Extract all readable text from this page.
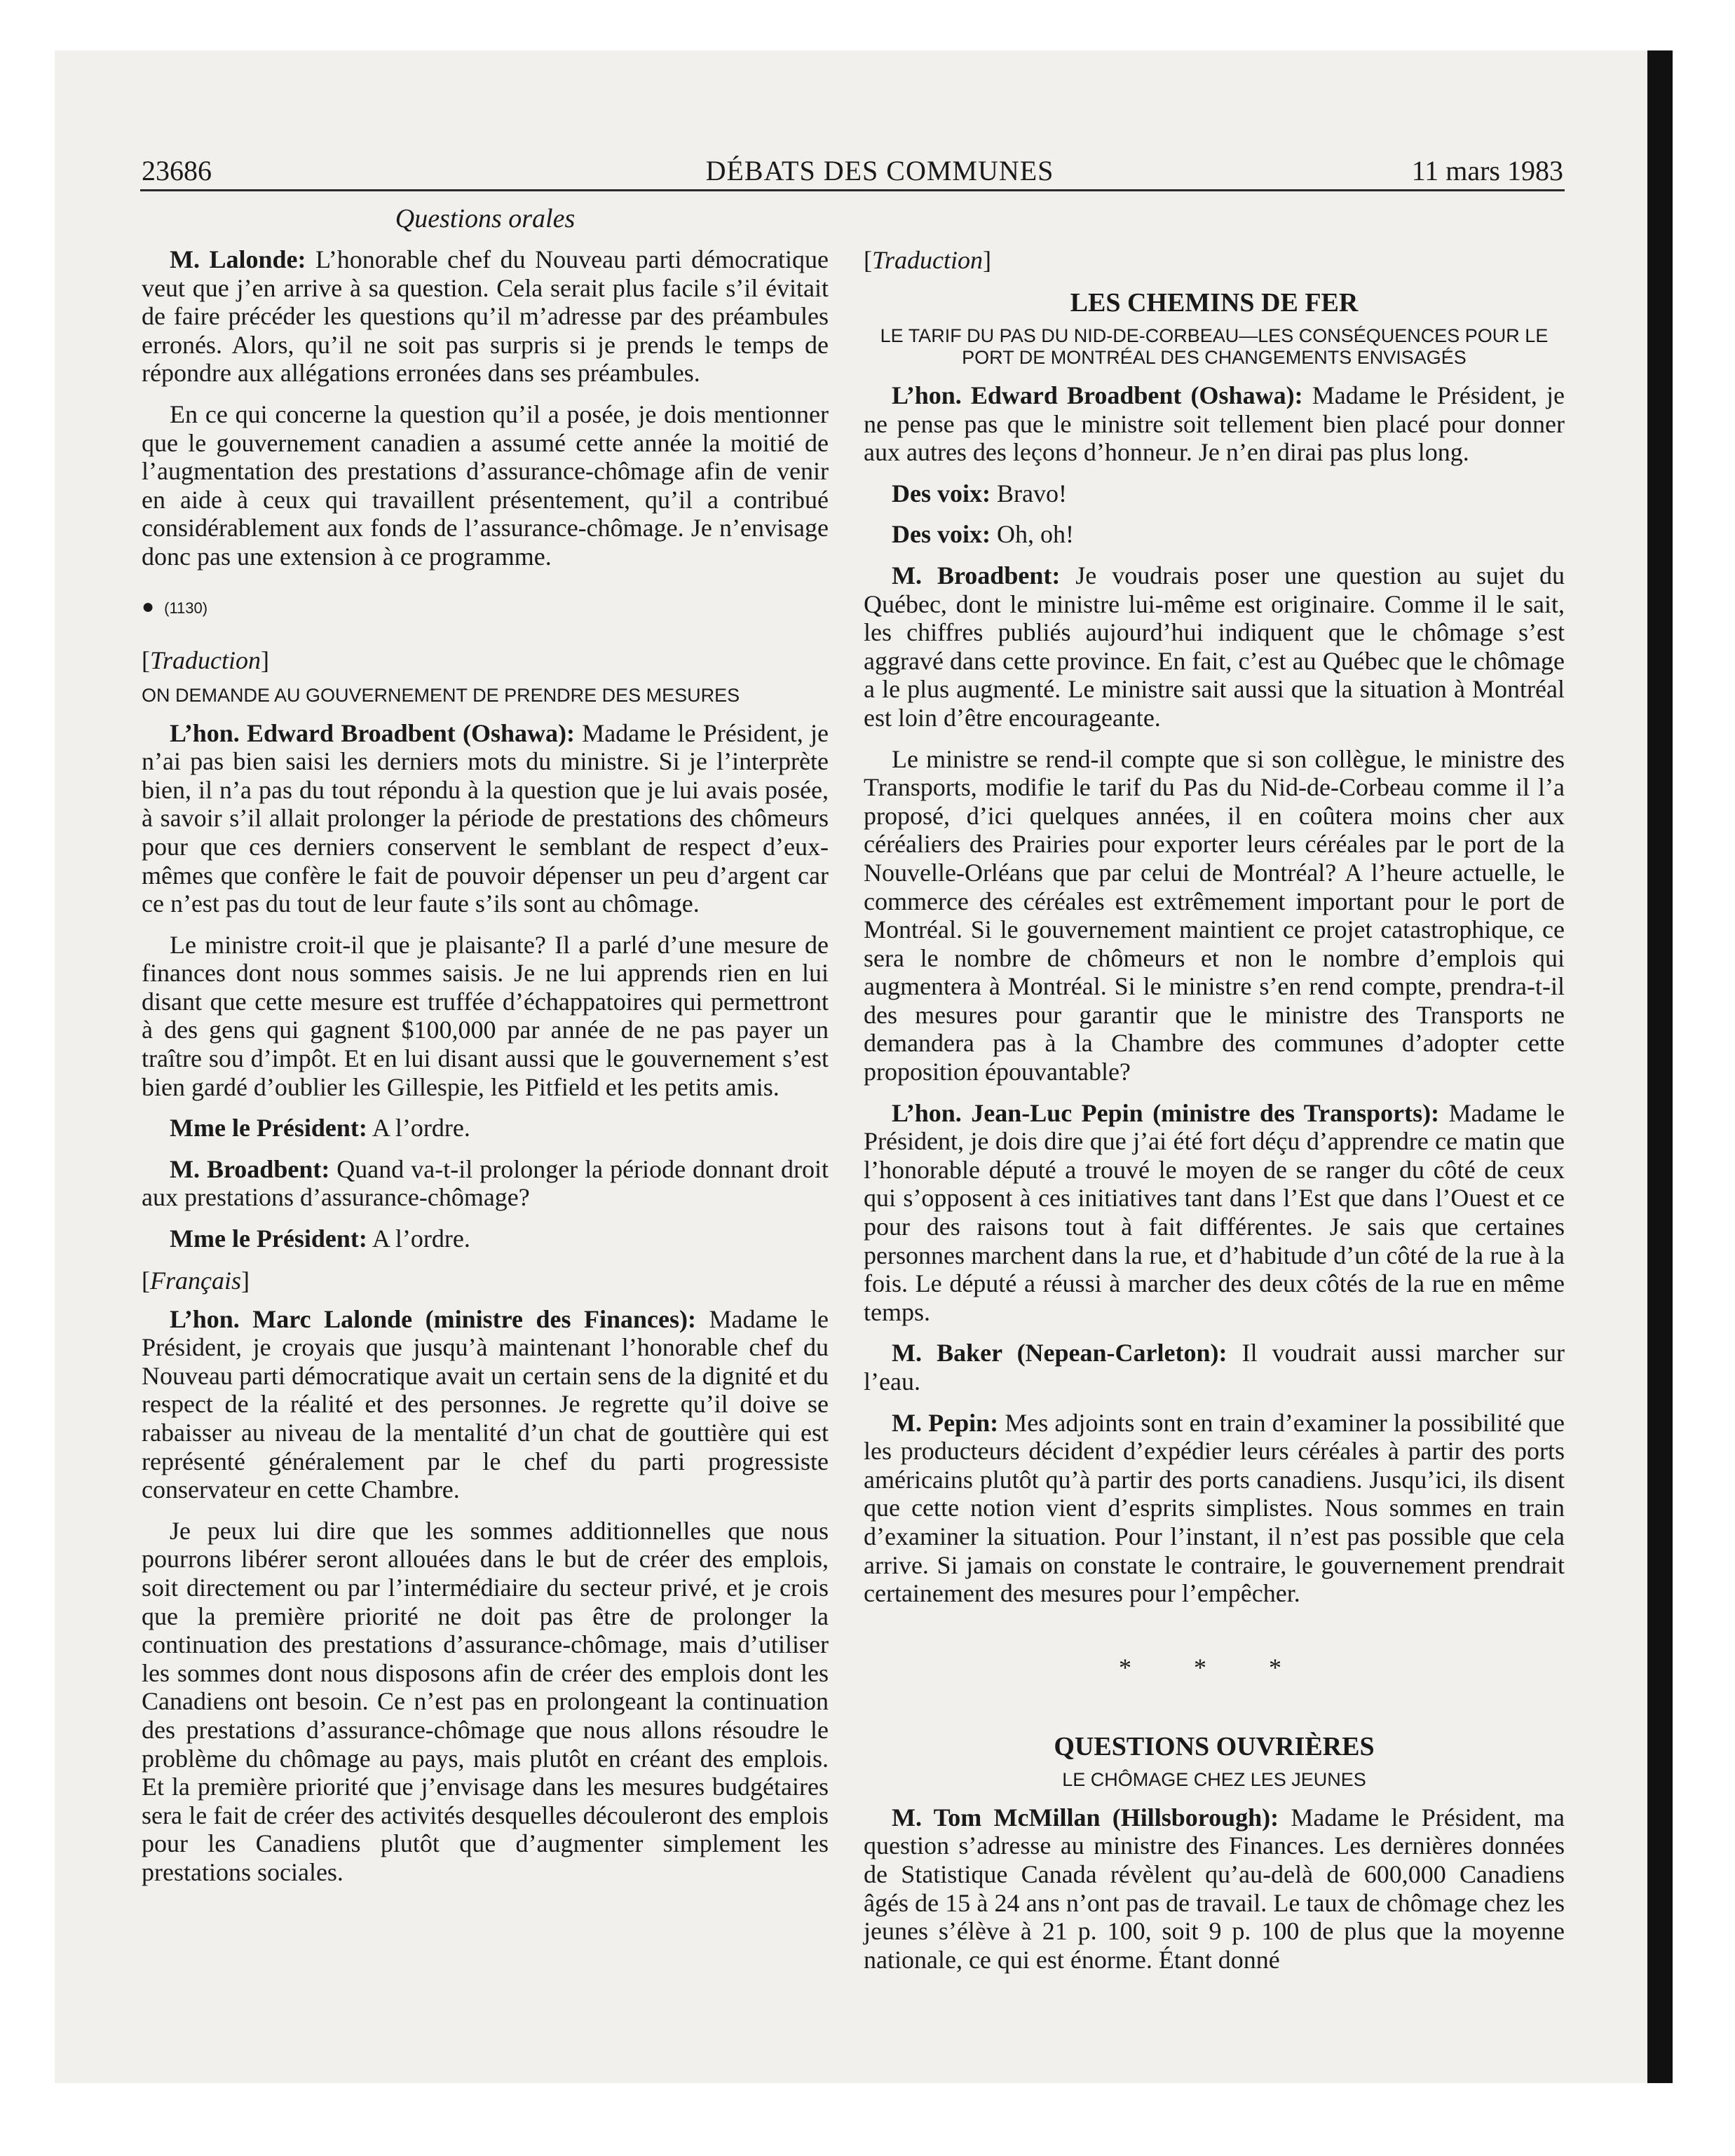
23686	DÉBATS DES COMMUNES	11 mars 1983
Questions orales

M. Lalonde: L’honorable chef du Nouveau parti démocratique veut que j’en arrive à sa question. Cela serait plus facile s’il évitait de faire précéder les questions qu’il m’adresse par des préambules erronés. Alors, qu’il ne soit pas surpris si je prends le temps de répondre aux allégations erronées dans ses préambules.

En ce qui concerne la question qu’il a posée, je dois mentionner que le gouvernement canadien a assumé cette année la moitié de l’augmentation des prestations d’assurance-chômage afin de venir en aide à ceux qui travaillent présentement, qu’il a contribué considérablement aux fonds de l’assurance-chômage. Je n’envisage donc pas une extension à ce programme.

● (1130)
[Traduction]
ON DEMANDE AU GOUVERNEMENT DE PRENDRE DES MESURES

L’hon. Edward Broadbent (Oshawa): Madame le Président, je n’ai pas bien saisi les derniers mots du ministre. Si je l’interprète bien, il n’a pas du tout répondu à la question que je lui avais posée, à savoir s’il allait prolonger la période de prestations des chômeurs pour que ces derniers conservent le semblant de respect d’eux-mêmes que confère le fait de pouvoir dépenser un peu d’argent car ce n’est pas du tout de leur faute s’ils sont au chômage.

Le ministre croit-il que je plaisante? Il a parlé d’une mesure de finances dont nous sommes saisis. Je ne lui apprends rien en lui disant que cette mesure est truffée d’échappatoires qui permettront à des gens qui gagnent $100,000 par année de ne pas payer un traître sou d’impôt. Et en lui disant aussi que le gouvernement s’est bien gardé d’oublier les Gillespie, les Pitfield et les petits amis.

Mme le Président: A l’ordre.

M. Broadbent: Quand va-t-il prolonger la période donnant droit aux prestations d’assurance-chômage?

Mme le Président: A l’ordre.

[Français]

L’hon. Marc Lalonde (ministre des Finances): Madame le Président, je croyais que jusqu’à maintenant l’honorable chef du Nouveau parti démocratique avait un certain sens de la dignité et du respect de la réalité et des personnes. Je regrette qu’il doive se rabaisser au niveau de la mentalité d’un chat de gouttière qui est représenté généralement par le chef du parti progressiste conservateur en cette Chambre.

Je peux lui dire que les sommes additionnelles que nous pourrons libérer seront allouées dans le but de créer des emplois, soit directement ou par l’intermédiaire du secteur privé, et je crois que la première priorité ne doit pas être de prolonger la continuation des prestations d’assurance-chômage, mais d’utiliser les sommes dont nous disposons afin de créer des emplois dont les Canadiens ont besoin. Ce n’est pas en prolongeant la continuation des prestations d’assurance-chômage que nous allons résoudre le problème du chômage au pays, mais plutôt en créant des emplois. Et la première priorité que j’envisage dans les mesures budgétaires sera le fait de créer des activités desquelles découleront des emplois pour les Canadiens plutôt que d’augmenter simplement les prestations sociales.

[Traduction]
LES CHEMINS DE FER
LE TARIF DU PAS DU NID-DE-CORBEAU—LES CONSÉQUENCES POUR LE PORT DE MONTRÉAL DES CHANGEMENTS ENVISAGÉS

L’hon. Edward Broadbent (Oshawa): Madame le Président, je ne pense pas que le ministre soit tellement bien placé pour donner aux autres des leçons d’honneur. Je n’en dirai pas plus long.

Des voix: Bravo!

Des voix: Oh, oh!

M. Broadbent: Je voudrais poser une question au sujet du Québec, dont le ministre lui-même est originaire. Comme il le sait, les chiffres publiés aujourd’hui indiquent que le chômage s’est aggravé dans cette province. En fait, c’est au Québec que le chômage a le plus augmenté. Le ministre sait aussi que la situation à Montréal est loin d’être encourageante.

Le ministre se rend-il compte que si son collègue, le ministre des Transports, modifie le tarif du Pas du Nid-de-Corbeau comme il l’a proposé, d’ici quelques années, il en coûtera moins cher aux céréaliers des Prairies pour exporter leurs céréales par le port de la Nouvelle-Orléans que par celui de Montréal? A l’heure actuelle, le commerce des céréales est extrêmement important pour le port de Montréal. Si le gouvernement maintient ce projet catastrophique, ce sera le nombre de chômeurs et non le nombre d’emplois qui augmentera à Montréal. Si le ministre s’en rend compte, prendra-t-il des mesures pour garantir que le ministre des Transports ne demandera pas à la Chambre des communes d’adopter cette proposition épouvantable?

L’hon. Jean-Luc Pepin (ministre des Transports): Madame le Président, je dois dire que j’ai été fort déçu d’apprendre ce matin que l’honorable député a trouvé le moyen de se ranger du côté de ceux qui s’opposent à ces initiatives tant dans l’Est que dans l’Ouest et ce pour des raisons tout à fait différentes. Je sais que certaines personnes marchent dans la rue, et d’habitude d’un côté de la rue à la fois. Le député a réussi à marcher des deux côtés de la rue en même temps.

M. Baker (Nepean-Carleton): Il voudrait aussi marcher sur l’eau.

M. Pepin: Mes adjoints sont en train d’examiner la possibilité que les producteurs décident d’expédier leurs céréales à partir des ports américains plutôt qu’à partir des ports canadiens. Jusqu’ici, ils disent que cette notion vient d’esprits simplistes. Nous sommes en train d’examiner la situation. Pour l’instant, il n’est pas possible que cela arrive. Si jamais on constate le contraire, le gouvernement prendrait certainement des mesures pour l’empêcher.

* * *
QUESTIONS OUVRIÈRES
LE CHÔMAGE CHEZ LES JEUNES

M. Tom McMillan (Hillsborough): Madame le Président, ma question s’adresse au ministre des Finances. Les dernières données de Statistique Canada révèlent qu’au-delà de 600,000 Canadiens âgés de 15 à 24 ans n’ont pas de travail. Le taux de chômage chez les jeunes s’élève à 21 p. 100, soit 9 p. 100 de plus que la moyenne nationale, ce qui est énorme. Étant donné
